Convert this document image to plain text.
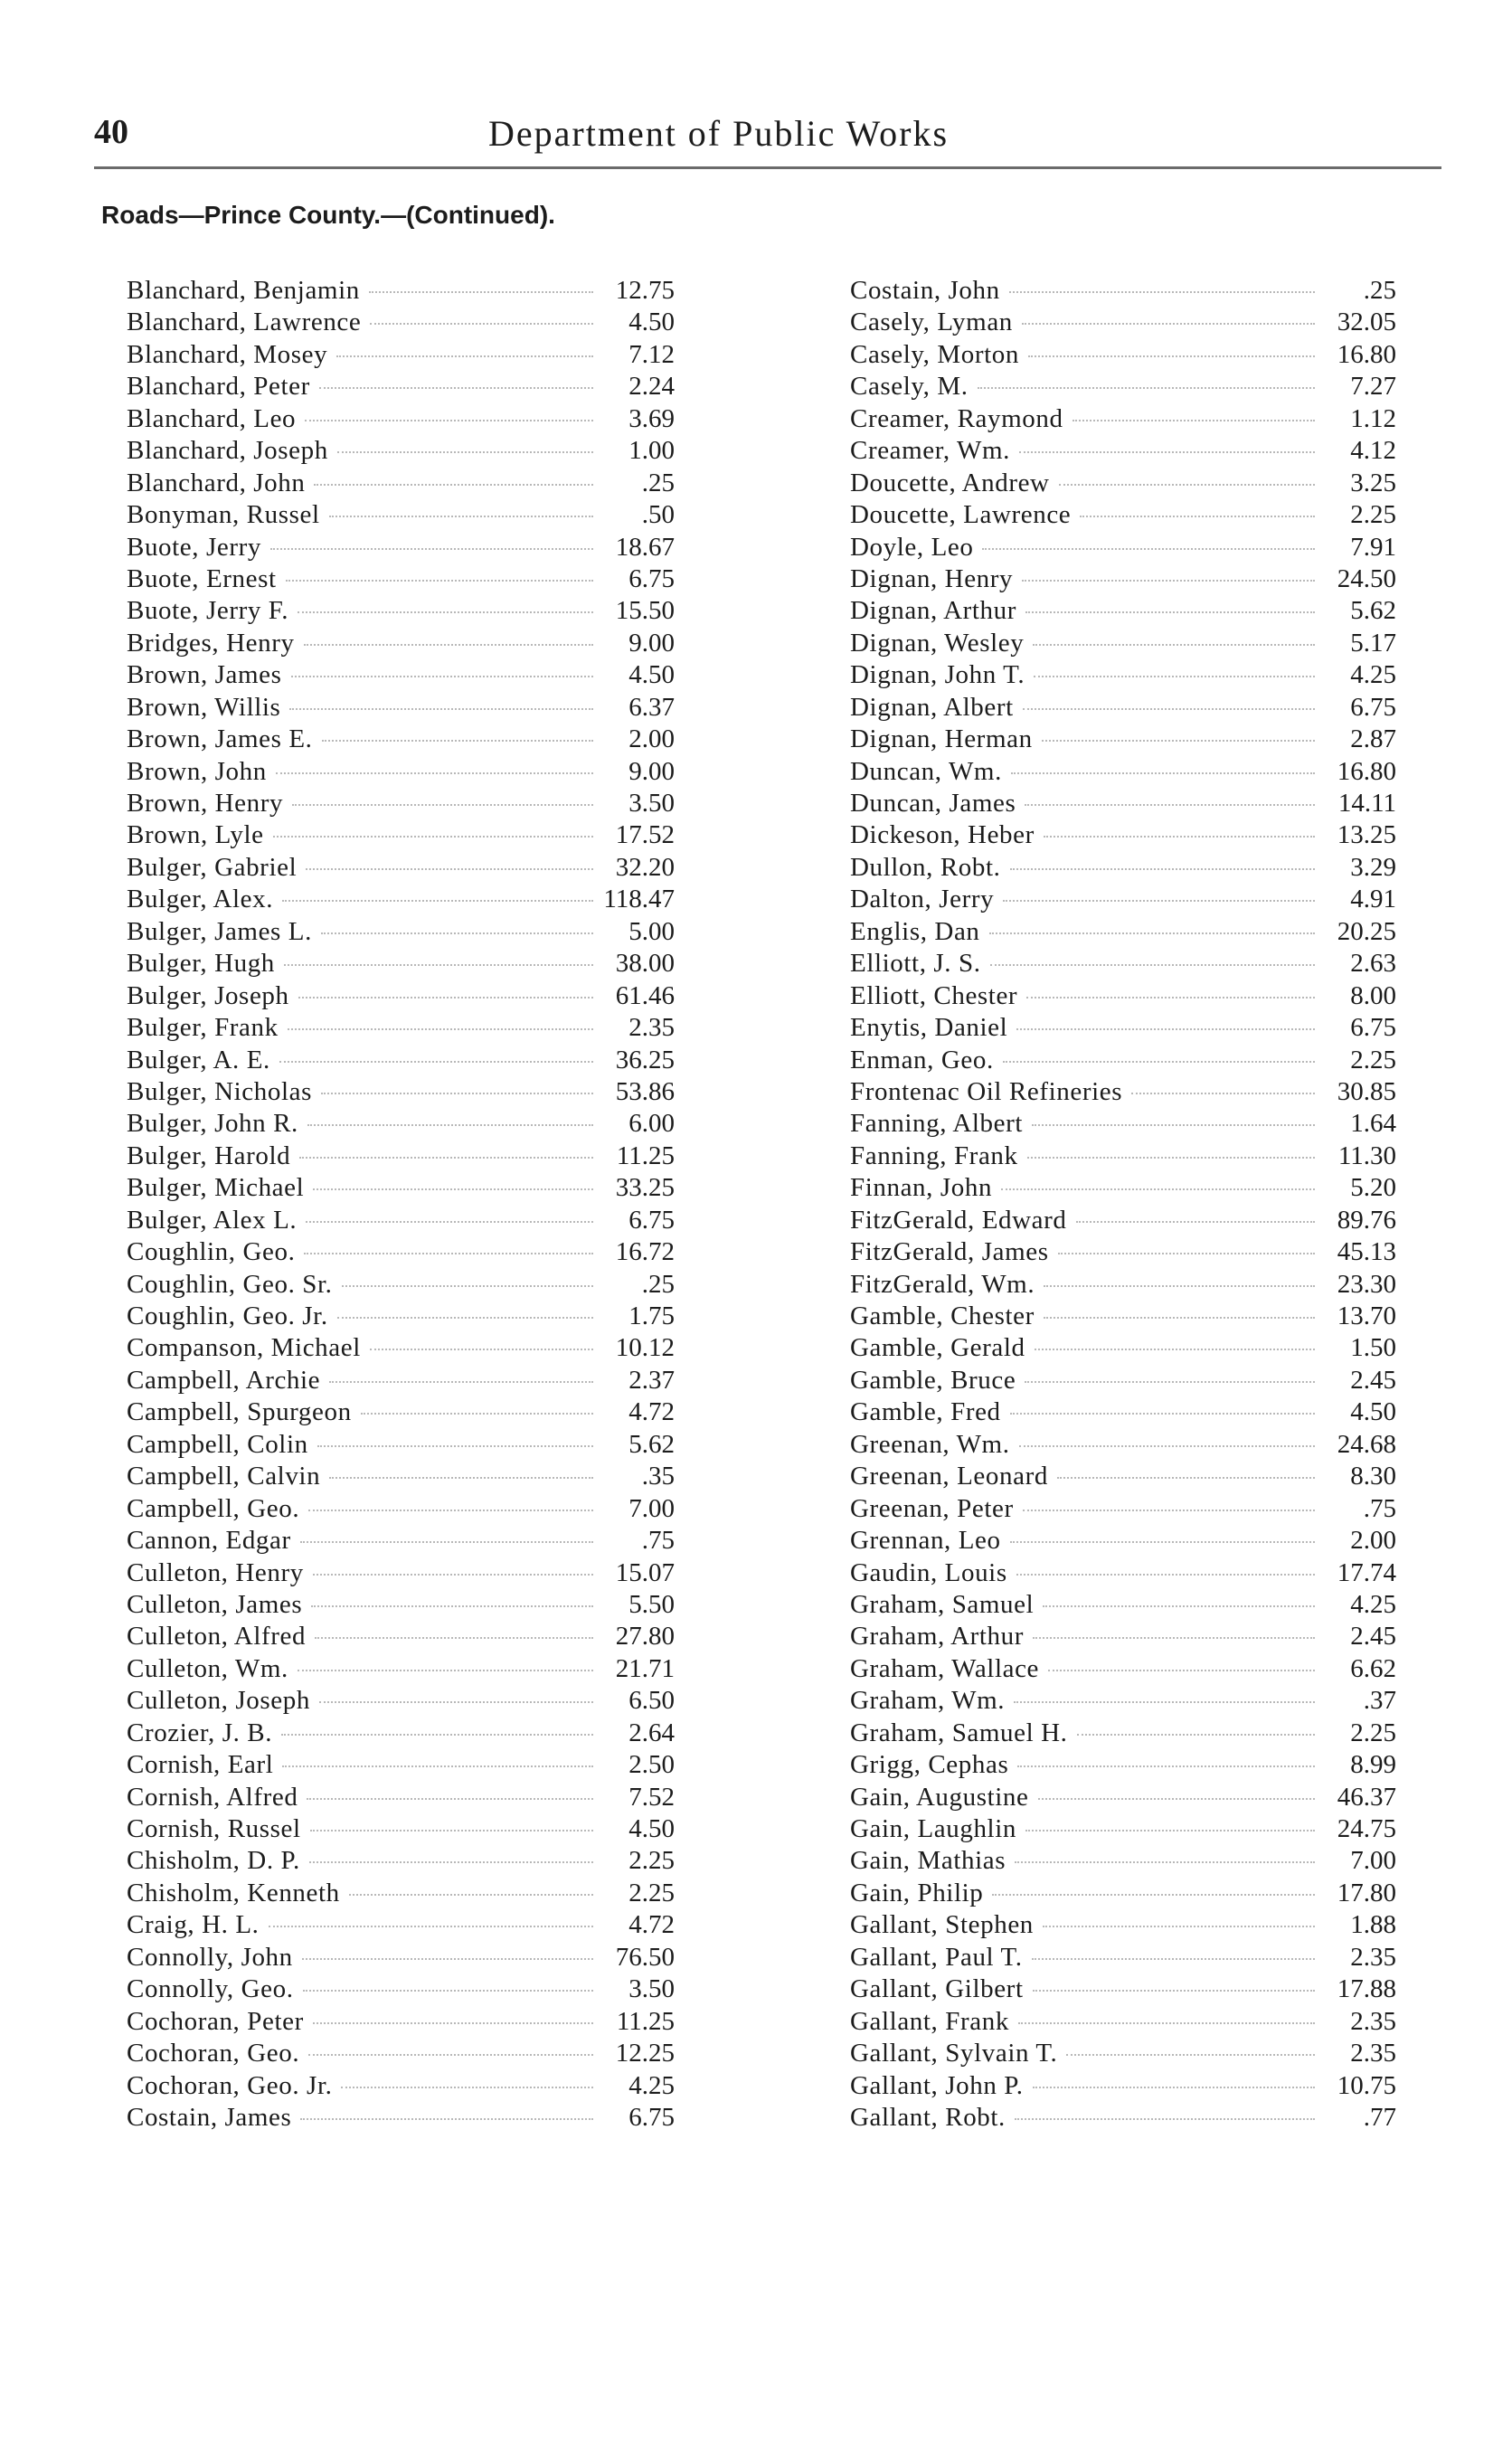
40	Department of Public Works
Roads—Prince County.—(Continued).
Blanchard, Benjamin	12.75
Blanchard, Lawrence	4.50
Blanchard, Mosey	7.12
Blanchard, Peter	2.24
Blanchard, Leo	3.69
Blanchard, Joseph	1.00
Blanchard, John	.25
Bonyman, Russel	.50
Buote, Jerry	18.67
Buote, Ernest	6.75
Buote, Jerry F.	15.50
Bridges, Henry	9.00
Brown, James	4.50
Brown, Willis	6.37
Brown, James E.	2.00
Brown, John	9.00
Brown, Henry	3.50
Brown, Lyle	17.52
Bulger, Gabriel	32.20
Bulger, Alex.	118.47
Bulger, James L.	5.00
Bulger, Hugh	38.00
Bulger, Joseph	61.46
Bulger, Frank	2.35
Bulger, A. E.	36.25
Bulger, Nicholas	53.86
Bulger, John R.	6.00
Bulger, Harold	11.25
Bulger, Michael	33.25
Bulger, Alex L.	6.75
Coughlin, Geo.	16.72
Coughlin, Geo. Sr.	.25
Coughlin, Geo. Jr.	1.75
Companson, Michael	10.12
Campbell, Archie	2.37
Campbell, Spurgeon	4.72
Campbell, Colin	5.62
Campbell, Calvin	.35
Campbell, Geo.	7.00
Cannon, Edgar	.75
Culleton, Henry	15.07
Culleton, James	5.50
Culleton, Alfred	27.80
Culleton, Wm.	21.71
Culleton, Joseph	6.50
Crozier, J. B.	2.64
Cornish, Earl	2.50
Cornish, Alfred	7.52
Cornish, Russel	4.50
Chisholm, D. P.	2.25
Chisholm, Kenneth	2.25
Craig, H. L.	4.72
Connolly, John	76.50
Connolly, Geo.	3.50
Cochoran, Peter	11.25
Cochoran, Geo.	12.25
Cochoran, Geo. Jr.	4.25
Costain, James	6.75
Costain, John	.25
Casely, Lyman	32.05
Casely, Morton	16.80
Casely, M.	7.27
Creamer, Raymond	1.12
Creamer, Wm.	4.12
Doucette, Andrew	3.25
Doucette, Lawrence	2.25
Doyle, Leo	7.91
Dignan, Henry	24.50
Dignan, Arthur	5.62
Dignan, Wesley	5.17
Dignan, John T.	4.25
Dignan, Albert	6.75
Dignan, Herman	2.87
Duncan, Wm.	16.80
Duncan, James	14.11
Dickeson, Heber	13.25
Dullon, Robt.	3.29
Dalton, Jerry	4.91
Englis, Dan	20.25
Elliott, J. S.	2.63
Elliott, Chester	8.00
Enytis, Daniel	6.75
Enman, Geo.	2.25
Frontenac Oil Refineries	30.85
Fanning, Albert	1.64
Fanning, Frank	11.30
Finnan, John	5.20
FitzGerald, Edward	89.76
FitzGerald, James	45.13
FitzGerald, Wm.	23.30
Gamble, Chester	13.70
Gamble, Gerald	1.50
Gamble, Bruce	2.45
Gamble, Fred	4.50
Greenan, Wm.	24.68
Greenan, Leonard	8.30
Greenan, Peter	.75
Grennan, Leo	2.00
Gaudin, Louis	17.74
Graham, Samuel	4.25
Graham, Arthur	2.45
Graham, Wallace	6.62
Graham, Wm.	.37
Graham, Samuel H.	2.25
Grigg, Cephas	8.99
Gain, Augustine	46.37
Gain, Laughlin	24.75
Gain, Mathias	7.00
Gain, Philip	17.80
Gallant, Stephen	1.88
Gallant, Paul T.	2.35
Gallant, Gilbert	17.88
Gallant, Frank	2.35
Gallant, Sylvain T.	2.35
Gallant, John P.	10.75
Gallant, Robt.	.77
